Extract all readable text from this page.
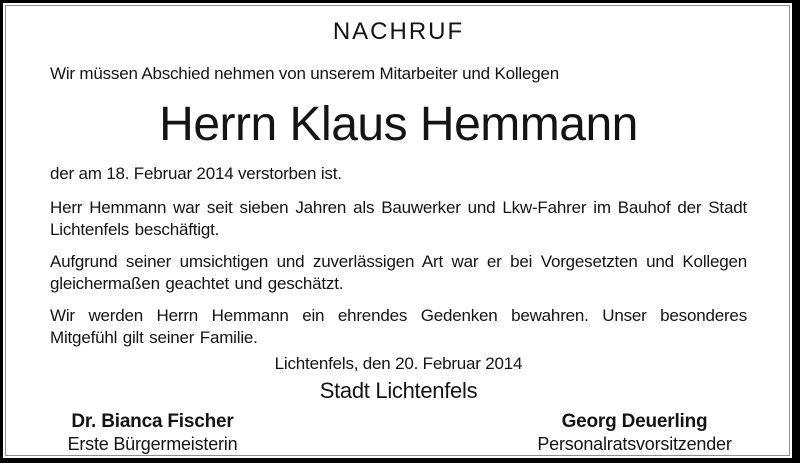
NACHRUF
Wir müssen Abschied nehmen von unserem Mitarbeiter und Kollegen
Herrn Klaus Hemmann
der am 18. Februar 2014 verstorben ist.

Herr Hemmann war seit sieben Jahren als Bauwerker und Lkw-Fahrer im Bauhof der Stadt Lichtenfels beschäftigt.

Aufgrund seiner umsichtigen und zuverlässigen Art war er bei Vorgesetzten und Kollegen gleichermaßen geachtet und geschätzt.

Wir werden Herrn Hemmann ein ehrendes Gedenken bewahren. Unser besonderes Mitgefühl gilt seiner Familie.

Lichtenfels, den 20. Februar 2014
Stadt Lichtenfels
Dr. Bianca Fischer
Erste Bürgermeisterin
Georg Deuerling
Personalratsvorsitzender
